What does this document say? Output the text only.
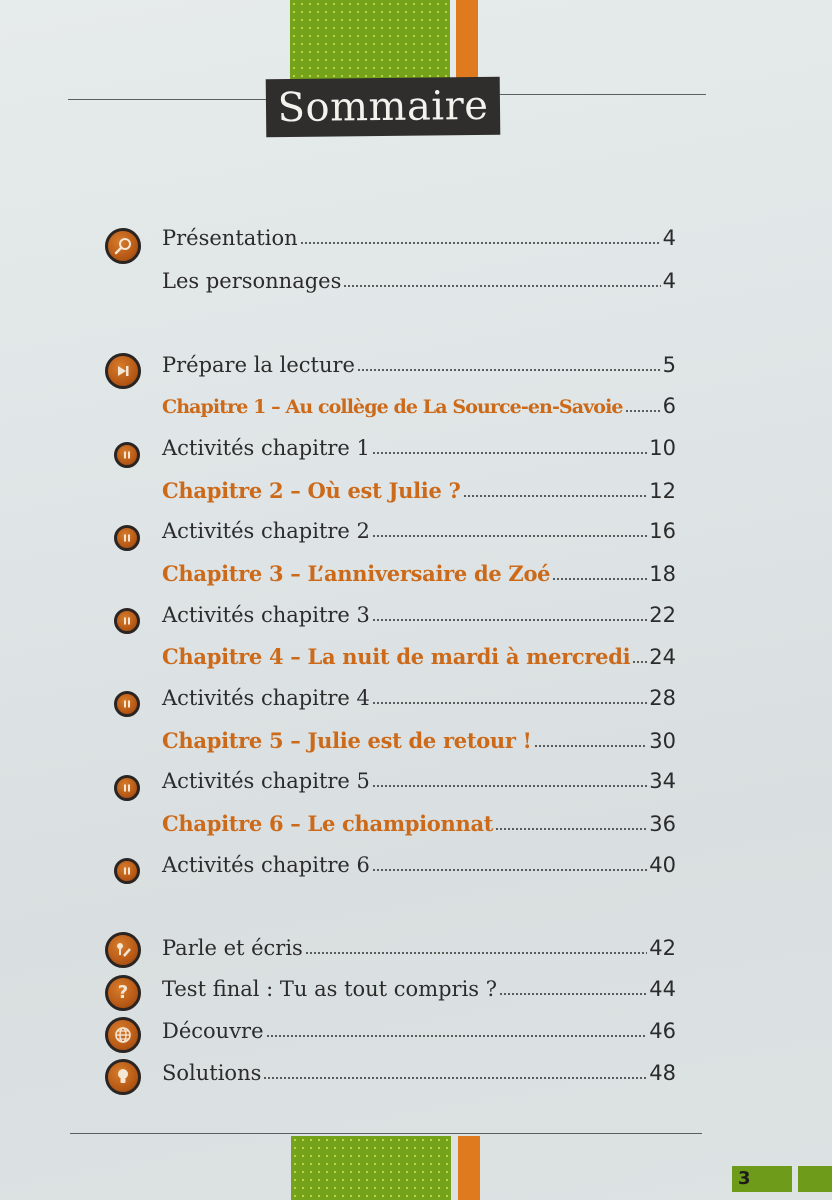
Sommaire
?
Présentation	4
Les personnages	4
Prépare la lecture	5
Chapitre 1 – Au collège de La Source-en-Savoie 6
Activités chapitre 1	10
Chapitre 2 – Où est Julie ?	12
Activités chapitre 2	16
Chapitre 3 – L’anniversaire de Zoé	18
Activités chapitre 3	22
Chapitre 4 – La nuit de mardi à mercredi 24
Activités chapitre 4	28
Chapitre 5 – Julie est de retour !	30
Activités chapitre 5	34
Chapitre 6 – Le championnat	36
Activités chapitre 6	40
Parle et écris	42
Test final : Tu as tout compris ?	44
Découvre	46
Solutions	48
3
